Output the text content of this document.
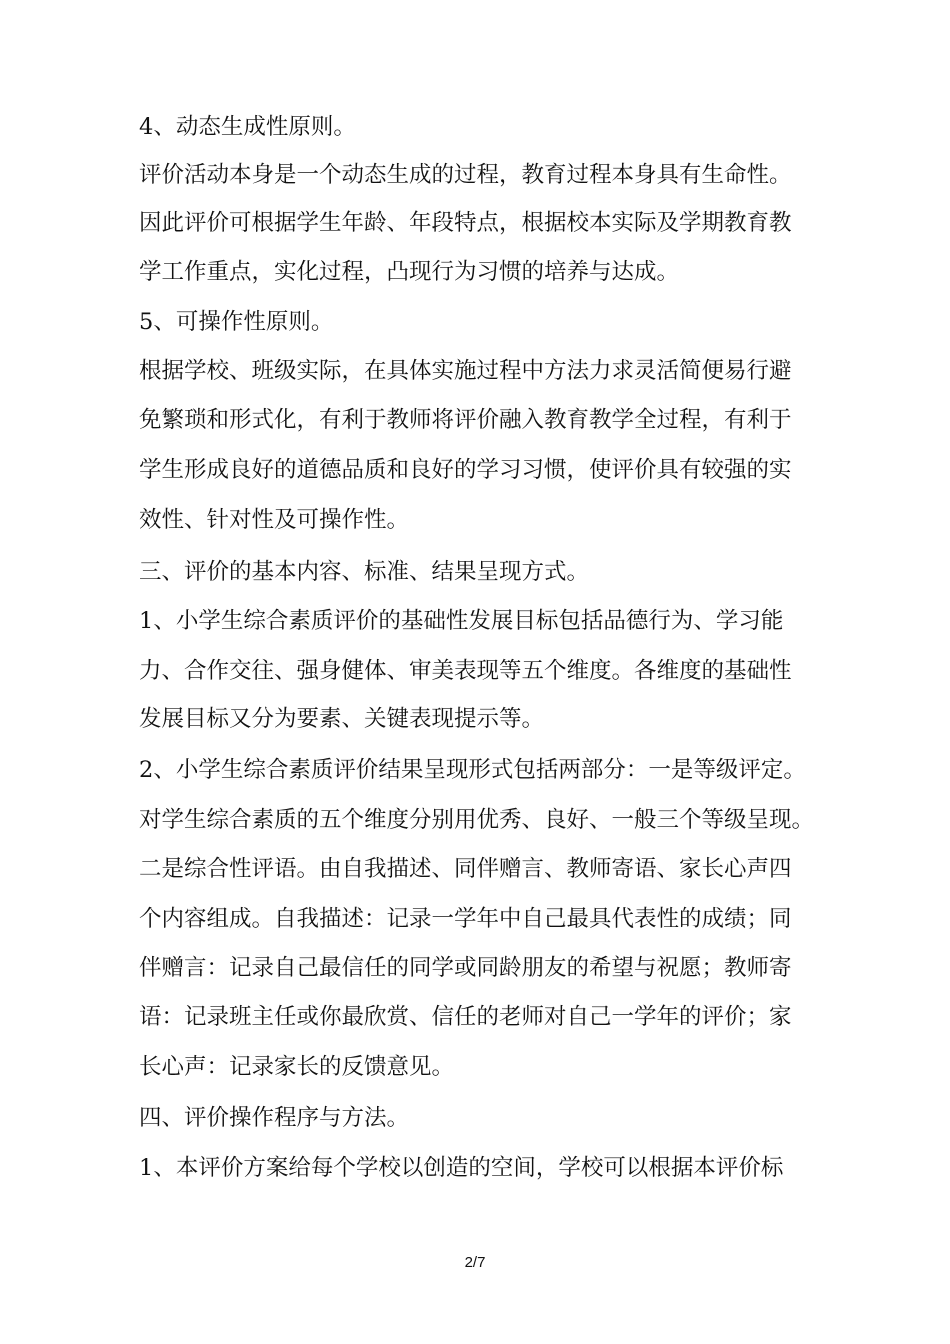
4、动态生成性原则。
评价活动本身是一个动态生成的过程，教育过程本身具有生命性。
因此评价可根据学生年龄、年段特点，根据校本实际及学期教育教
学工作重点，实化过程，凸现行为习惯的培养与达成。
5、可操作性原则。
根据学校、班级实际，在具体实施过程中方法力求灵活简便易行避
免繁琐和形式化，有利于教师将评价融入教育教学全过程，有利于
学生形成良好的道德品质和良好的学习习惯，使评价具有较强的实
效性、针对性及可操作性。
三、评价的基本内容、标准、结果呈现方式。
1、小学生综合素质评价的基础性发展目标包括品德行为、学习能
力、合作交往、强身健体、审美表现等五个维度。各维度的基础性
发展目标又分为要素、关键表现提示等。
2、小学生综合素质评价结果呈现形式包括两部分：一是等级评定。
对学生综合素质的五个维度分别用优秀、良好、一般三个等级呈现。
二是综合性评语。由自我描述、同伴赠言、教师寄语、家长心声四
个内容组成。自我描述：记录一学年中自己最具代表性的成绩；同
伴赠言：记录自己最信任的同学或同龄朋友的希望与祝愿；教师寄
语：记录班主任或你最欣赏、信任的老师对自己一学年的评价；家
长心声：记录家长的反馈意见。
四、评价操作程序与方法。
1、本评价方案给每个学校以创造的空间，学校可以根据本评价标
2/7
